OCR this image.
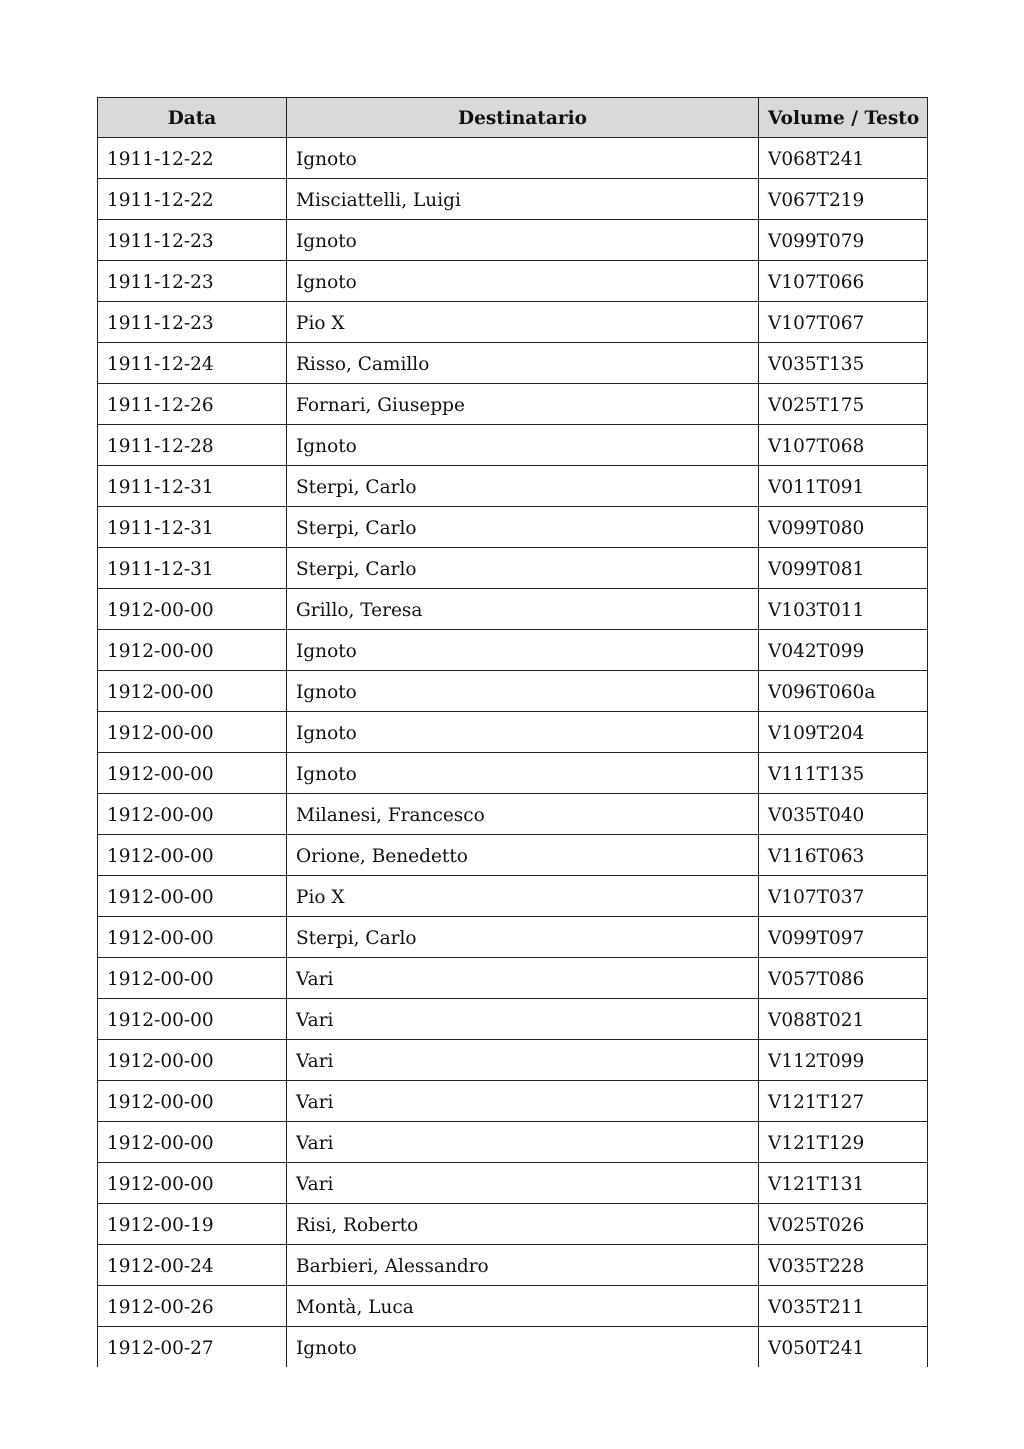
Data	Destinatario	Volume / Testo
1911-12-22	Ignoto	V068T241
1911-12-22	Misciattelli, Luigi	V067T219
1911-12-23	Ignoto	V099T079
1911-12-23	Ignoto	V107T066
1911-12-23	Pio X	V107T067
1911-12-24	Risso, Camillo	V035T135
1911-12-26	Fornari, Giuseppe	V025T175
1911-12-28	Ignoto	V107T068
1911-12-31	Sterpi, Carlo	V011T091
1911-12-31	Sterpi, Carlo	V099T080
1911-12-31	Sterpi, Carlo	V099T081
1912-00-00	Grillo, Teresa	V103T011
1912-00-00	Ignoto	V042T099
1912-00-00	Ignoto	V096T060a
1912-00-00	Ignoto	V109T204
1912-00-00	Ignoto	V111T135
1912-00-00	Milanesi, Francesco	V035T040
1912-00-00	Orione, Benedetto	V116T063
1912-00-00	Pio X	V107T037
1912-00-00	Sterpi, Carlo	V099T097
1912-00-00	Vari	V057T086
1912-00-00	Vari	V088T021
1912-00-00	Vari	V112T099
1912-00-00	Vari	V121T127
1912-00-00	Vari	V121T129
1912-00-00	Vari	V121T131
1912-00-19	Risi, Roberto	V025T026
1912-00-24	Barbieri, Alessandro	V035T228
1912-00-26	Montà, Luca	V035T211
1912-00-27	Ignoto	V050T241
